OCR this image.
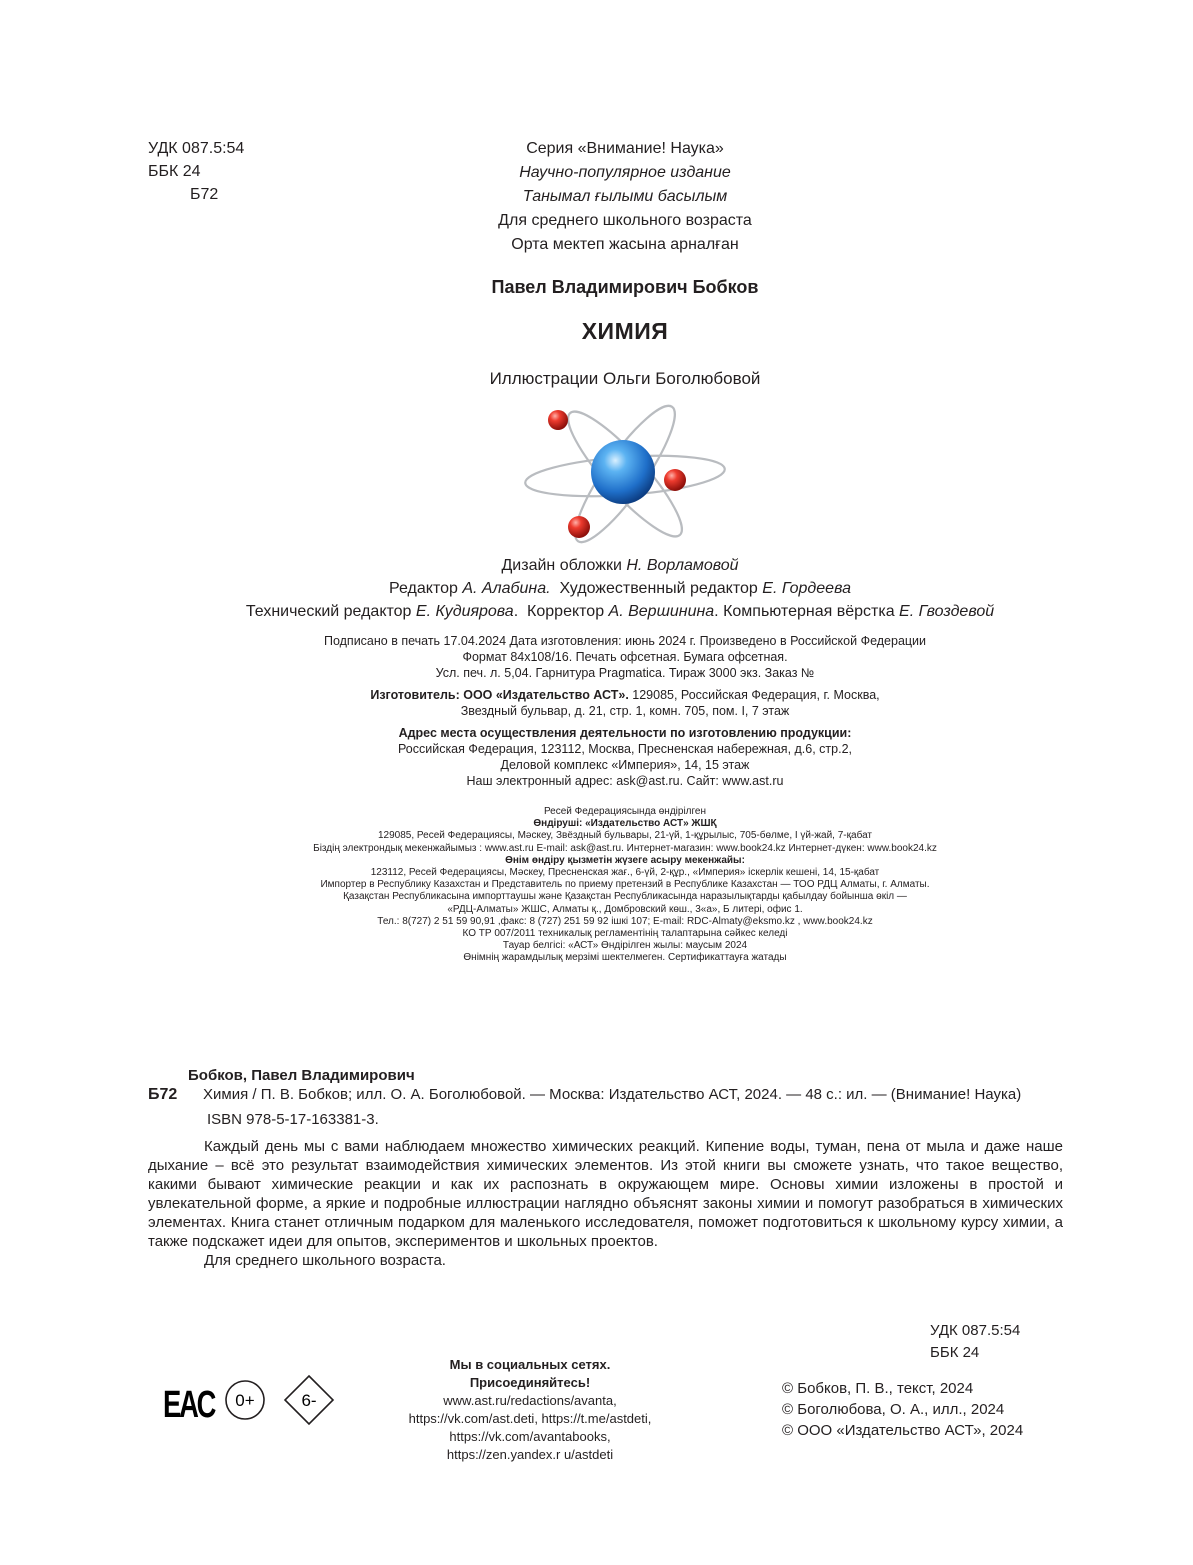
УДК 087.5:54
ББК 24
Б72
Серия «Внимание! Наука»
Научно-популярное издание
Танымал ғылыми басылым
Для среднего школьного возраста
Орта мектеп жасына арналған
Павел Владимирович Бобков
ХИМИЯ
Иллюстрации Ольги Боголюбовой
Дизайн обложки Н. Ворламовой
Редактор А. Алабина. Художественный редактор Е. Гордеева
Технический редактор Е. Кудиярова.  Корректор А. Вершинина. Компьютерная вёрстка Е. Гвоздевой
Подписано в печать 17.04.2024 Дата изготовления: июнь 2024 г. Произведено в Российской Федерации
Формат 84x108/16. Печать офсетная. Бумага офсетная.
Усл. печ. л. 5,04. Гарнитура Pragmatica. Тираж 3000 экз. Заказ №
Изготовитель: ООО «Издательство АСТ». 129085, Российская Федерация, г. Москва,
Звездный бульвар, д. 21, стр. 1, комн. 705, пом. I, 7 этаж
Адрес места осуществления деятельности по изготовлению продукции:
Российская Федерация, 123112, Москва, Пресненская набережная, д.6, стр.2,
Деловой комплекс «Империя», 14, 15 этаж
Наш электронный адрес: ask@ast.ru. Сайт: www.ast.ru
Ресей Федерациясында өндірілген
Өндіруші: «Издательство АСТ» ЖШҚ
129085, Ресей Федерациясы, Мәскеу, Звёздный бульвары, 21-үй, 1-құрылыс, 705-бөлме, I үй-жай, 7-қабат
Біздің электрондық мекенжайымыз : www.ast.ru E-mail: ask@ast.ru. Интернет-магазин: www.book24.kz Интернет-дүкен: www.book24.kz
Өнім өндіру қызметін жүзеге асыру мекенжайы:
123112, Ресей Федерациясы, Мәскеу, Пресненская жағ., 6-үй, 2-құр., «Империя» іскерлік кешені, 14, 15-қабат
Импортер в Республику Казахстан и Представитель по приему претензий в Республике Казахстан — ТОО РДЦ Алматы, г. Алматы.
Қазақстан Республикасына импорттаушы және Қазақстан Республикасында наразылықтарды қабылдау бойынша өкіл —
«РДЦ-Алматы» ЖШС, Алматы қ., Домбровский көш., 3«а», Б литері, офис 1.
Тел.: 8(727) 2 51 59 90,91 ,факс: 8 (727) 251 59 92 ішкі 107; E-mail: RDC-Almaty@eksmo.kz , www.book24.kz
КО ТР 007/2011 техникалық регламентінің талаптарына сәйкес келеді
Тауар белгісі: «АСТ» Өндірілген жылы: маусым 2024
Өнімнің жарамдылық мерзімі шектелмеген. Сертификаттауға жатады
Бобков, Павел Владимирович
Б72	Химия / П. В. Бобков; илл. О. А. Боголюбовой. — Москва: Издательство АСТ, 2024. — 48 с.: ил. — (Внимание! Наука)
ISBN 978-5-17-163381-3.
Каждый день мы с вами наблюдаем множество химических реакций. Кипение воды, туман, пена от мыла и даже наше дыхание – всё это результат взаимодействия химических элементов. Из этой книги вы сможете узнать, что такое вещество, какими бывают химические реакции и как их распознать в окружающем мире. Основы химии изложены в простой и увлекательной форме, а яркие и подробные иллюстрации наглядно объяснят законы химии и помогут разобраться в химических элементах. Книга станет отличным подарком для маленького исследователя, поможет подготовиться к школьному курсу химии, а также подскажет идеи для опытов, экспериментов и школьных проектов.
Для среднего школьного возраста.
УДК 087.5:54
ББК 24
EAC 0+	6-
Мы в социальных сетях.
Присоединяйтесь!
www.ast.ru/redactions/avanta,
https://vk.com/ast.deti, https://t.me/astdeti,
https://vk.com/avantabooks,
https://zen.yandex.r u/astdeti
© Бобков, П. В., текст, 2024
© Боголюбова, О. А., илл., 2024
© ООО «Издательство АСТ», 2024
